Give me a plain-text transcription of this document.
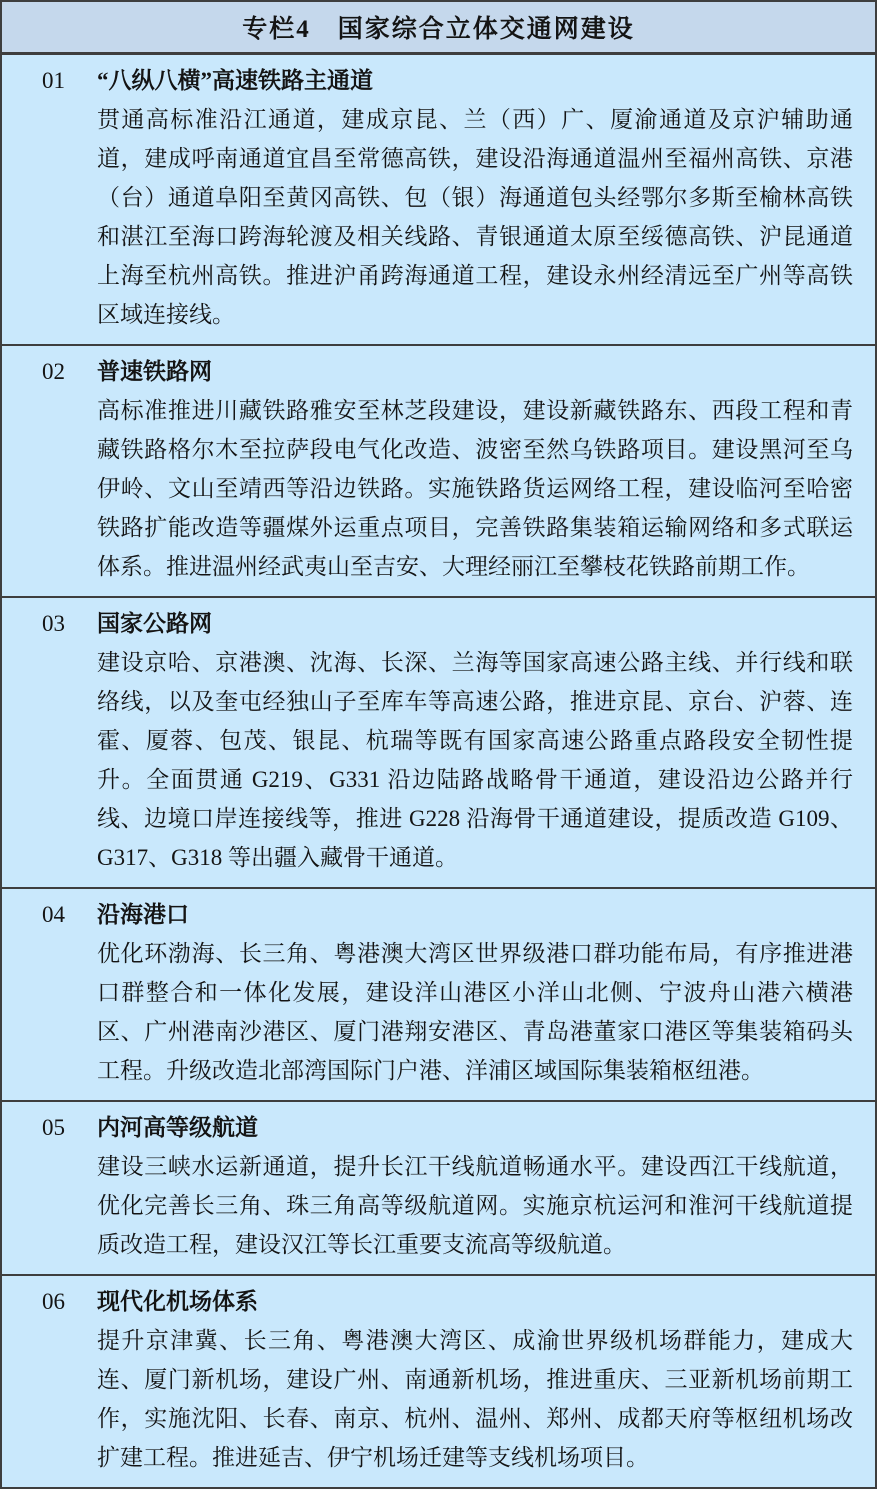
专栏4　国家综合立体交通网建设
01 “八纵八横”高速铁路主通道

贯通高标准沿江通道，建成京昆、兰（西）广、厦渝通道及京沪辅助通道，建成呼南通道宜昌至常德高铁，建设沿海通道温州至福州高铁、京港（台）通道阜阳至黄冈高铁、包（银）海通道包头经鄂尔多斯至榆林高铁和湛江至海口跨海轮渡及相关线路、青银通道太原至绥德高铁、沪昆通道上海至杭州高铁。推进沪甬跨海通道工程，建设永州经清远至广州等高铁区域连接线。

02 普速铁路网

高标准推进川藏铁路雅安至林芝段建设，建设新藏铁路东、西段工程和青藏铁路格尔木至拉萨段电气化改造、波密至然乌铁路项目。建设黑河至乌伊岭、文山至靖西等沿边铁路。实施铁路货运网络工程，建设临河至哈密铁路扩能改造等疆煤外运重点项目，完善铁路集装箱运输网络和多式联运体系。推进温州经武夷山至吉安、大理经丽江至攀枝花铁路前期工作。

03 国家公路网

建设京哈、京港澳、沈海、长深、兰海等国家高速公路主线、并行线和联络线，以及奎屯经独山子至库车等高速公路，推进京昆、京台、沪蓉、连霍、厦蓉、包茂、银昆、杭瑞等既有国家高速公路重点路段安全韧性提升。全面贯通 G219、G331 沿边陆路战略骨干通道，建设沿边公路并行线、边境口岸连接线等，推进 G228 沿海骨干通道建设，提质改造 G109、G317、G318 等出疆入藏骨干通道。

04 沿海港口

优化环渤海、长三角、粤港澳大湾区世界级港口群功能布局，有序推进港口群整合和一体化发展，建设洋山港区小洋山北侧、宁波舟山港六横港区、广州港南沙港区、厦门港翔安港区、青岛港董家口港区等集装箱码头工程。升级改造北部湾国际门户港、洋浦区域国际集装箱枢纽港。

05 内河高等级航道

建设三峡水运新通道，提升长江干线航道畅通水平。建设西江干线航道，优化完善长三角、珠三角高等级航道网。实施京杭运河和淮河干线航道提质改造工程，建设汉江等长江重要支流高等级航道。

06 现代化机场体系

提升京津冀、长三角、粤港澳大湾区、成渝世界级机场群能力，建成大连、厦门新机场，建设广州、南通新机场，推进重庆、三亚新机场前期工作，实施沈阳、长春、南京、杭州、温州、郑州、成都天府等枢纽机场改扩建工程。推进延吉、伊宁机场迁建等支线机场项目。
